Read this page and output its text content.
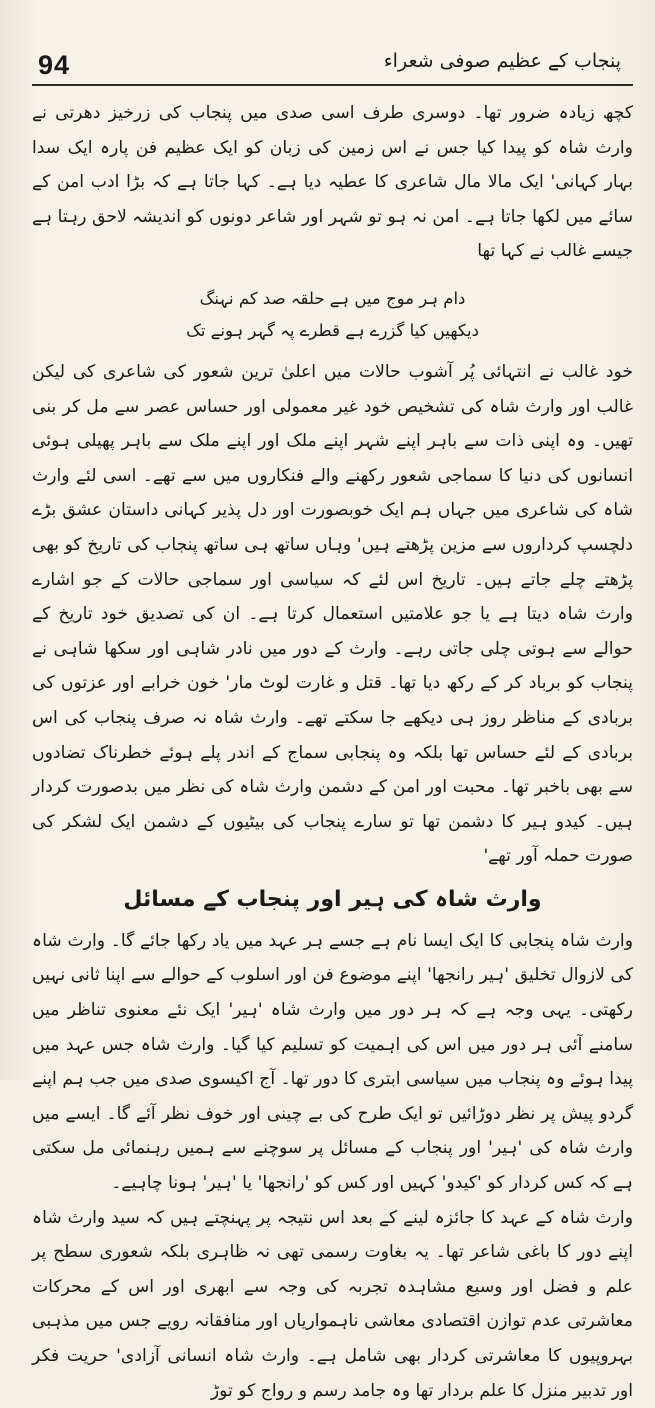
94	پنجاب کے عظیم صوفی شعراء

کچھ زیادہ ضرور تھا۔ دوسری طرف اسی صدی میں پنجاب کی زرخیز دھرتی نے وارث شاہ کو پیدا کیا جس نے اس زمین کی زبان کو ایک عظیم فن پارہ ایک سدا بہار کہانی' ایک مالا مال شاعری کا عطیہ دیا ہے۔ کہا جاتا ہے کہ بڑا ادب امن کے سائے میں لکھا جاتا ہے۔ امن نہ ہو تو شہر اور شاعر دونوں کو اندیشہ لاحق رہتا ہے جیسے غالب نے کہا تھا

دام ہر موج میں ہے حلقہ صد کم نہنگ
دیکھیں کیا گزرے ہے قطرے پہ گہر ہونے تک

خود غالب نے انتہائی پُر آشوب حالات میں اعلیٰ ترین شعور کی شاعری کی لیکن غالب اور وارث شاہ کی تشخیص خود غیر معمولی اور حساس عصر سے مل کر بنی تھیں۔ وہ اپنی ذات سے باہر اپنے شہر اپنے ملک اور اپنے ملک سے باہر پھیلی ہوئی انسانوں کی دنیا کا سماجی شعور رکھنے والے فنکاروں میں سے تھے۔ اسی لئے وارث شاہ کی شاعری میں جہاں ہم ایک خوبصورت اور دل پذیر کہانی داستان عشق بڑے دلچسپ کرداروں سے مزین پڑھتے ہیں' وہاں ساتھ ہی ساتھ پنجاب کی تاریخ کو بھی پڑھتے چلے جاتے ہیں۔ تاریخ اس لئے کہ سیاسی اور سماجی حالات کے جو اشارے وارث شاہ دیتا ہے یا جو علامتیں استعمال کرتا ہے۔ ان کی تصدیق خود تاریخ کے حوالے سے ہوتی چلی جاتی رہے۔ وارث کے دور میں نادر شاہی اور سکھا شاہی نے پنجاب کو برباد کر کے رکھ دیا تھا۔ قتل و غارت لوٹ مار' خون خرابے اور عزتوں کی بربادی کے مناظر روز ہی دیکھے جا سکتے تھے۔ وارث شاہ نہ صرف پنجاب کی اس بربادی کے لئے حساس تھا بلکہ وہ پنجابی سماج کے اندر پلے ہوئے خطرناک تضادوں سے بھی باخبر تھا۔ محبت اور امن کے دشمن وارث شاہ کی نظر میں بدصورت کردار ہیں۔ کیدو ہیر کا دشمن تھا تو سارے پنجاب کی بیٹیوں کے دشمن ایک لشکر کی صورت حملہ آور تھے'

وارث شاہ کی ہیر اور پنجاب کے مسائل

وارث شاہ پنجابی کا ایک ایسا نام ہے جسے ہر عہد میں یاد رکھا جائے گا۔ وارث شاہ کی لازوال تخلیق 'ہیر رانجھا' اپنے موضوع فن اور اسلوب کے حوالے سے اپنا ثانی نہیں رکھتی۔ یہی وجہ ہے کہ ہر دور میں وارث شاہ 'ہیر' ایک نئے معنوی تناظر میں سامنے آئی ہر دور میں اس کی اہمیت کو تسلیم کیا گیا۔ وارث شاہ جس عہد میں پیدا ہوئے وہ پنجاب میں سیاسی ابتری کا دور تھا۔ آج اکیسوی صدی میں جب ہم اپنے گردو پیش پر نظر دوڑائیں تو ایک طرح کی بے چینی اور خوف نظر آئے گا۔ ایسے میں وارث شاہ کی 'ہیر' اور پنجاب کے مسائل پر سوچنے سے ہمیں رہنمائی مل سکتی ہے کہ کس کردار کو 'کیدو' کہیں اور کس کو 'رانجھا' یا 'ہیر' ہونا چاہیے۔

وارث شاہ کے عہد کا جائزہ لینے کے بعد اس نتیجہ پر پہنچتے ہیں کہ سید وارث شاہ اپنے دور کا باغی شاعر تھا۔ یہ بغاوت رسمی تھی نہ ظاہری بلکہ شعوری سطح پر علم و فضل اور وسیع مشاہدہ تجربہ کی وجہ سے ابھری اور اس کے محرکات معاشرتی عدم توازن اقتصادی معاشی ناہمواریاں اور منافقانہ رویے جس میں مذہبی بہروپیوں کا معاشرتی کردار بھی شامل ہے۔ وارث شاہ انسانی آزادی' حریت فکر اور تدبیر منزل کا علم بردار تھا وہ جامد رسم و رواج کو توڑ
